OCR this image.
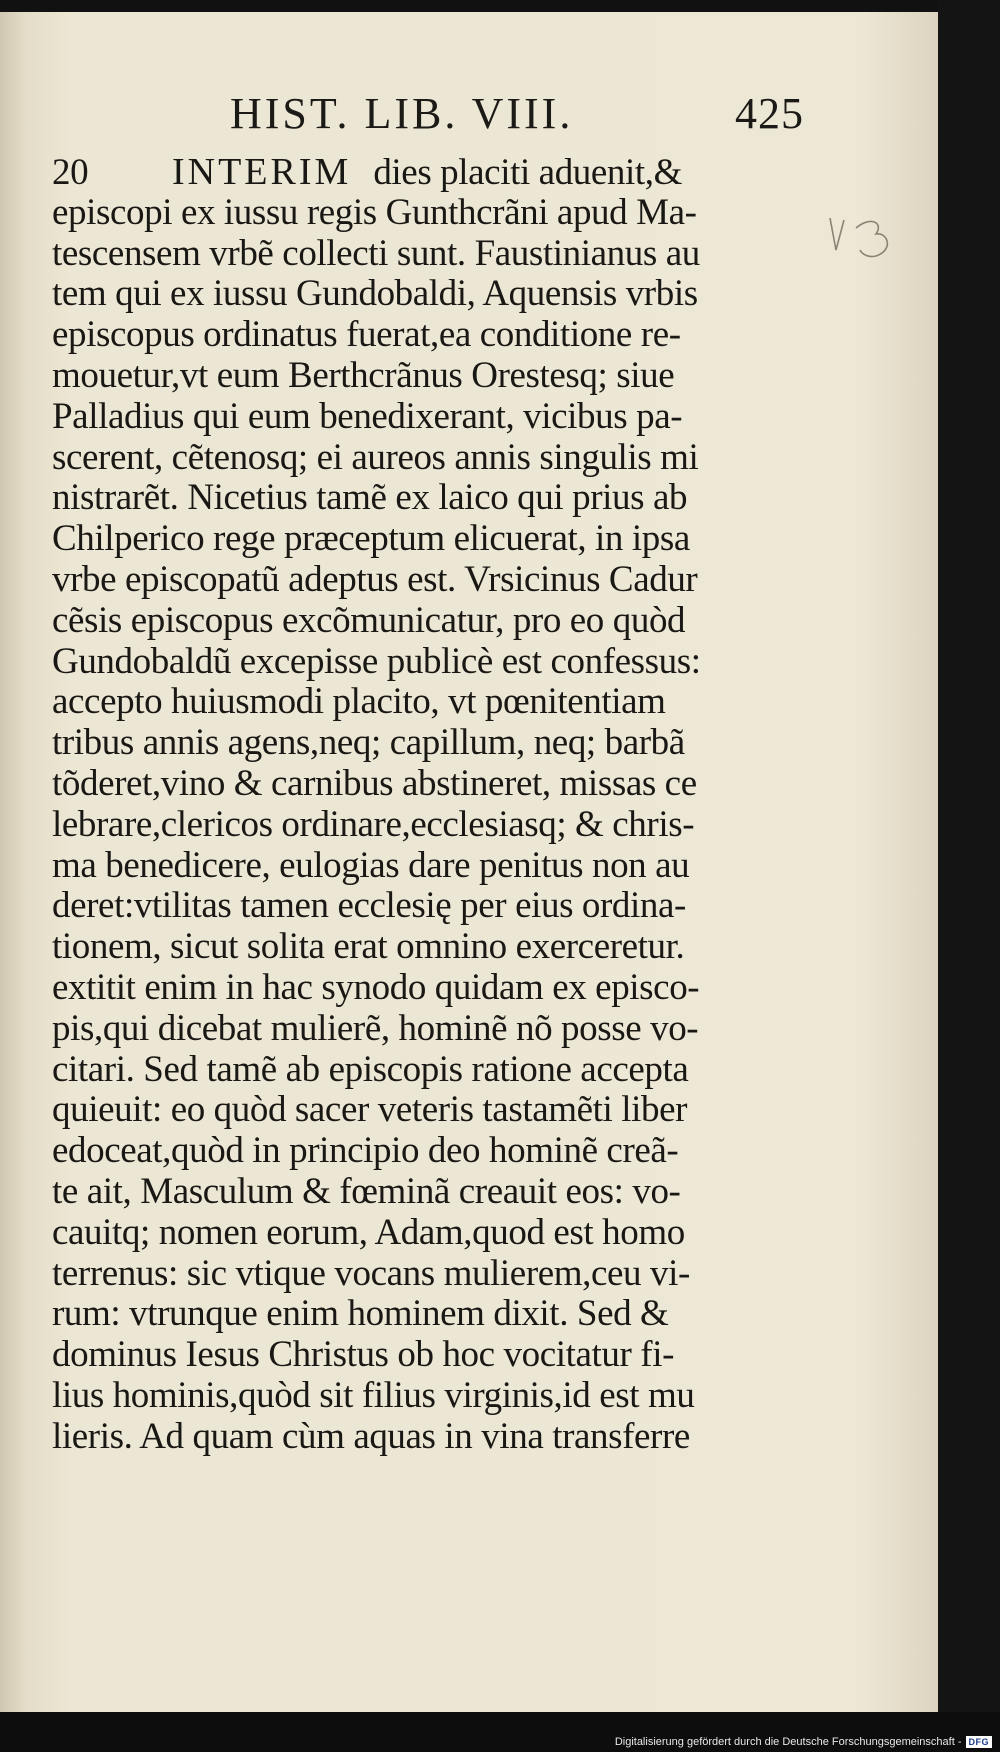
HIST. LIB. VIII.	425
20 INTERIM dies placiti aduenit,&
episcopi ex iussu regis Gunthcrãni apud Ma-
tescensem vrbẽ collecti sunt. Faustinianus au
tem qui ex iussu Gundobaldi, Aquensis vrbis
episcopus ordinatus fuerat,ea conditione re-
mouetur,vt eum Berthcrãnus Orestesq; siue
Palladius qui eum benedixerant, vicibus pa-
scerent, cẽtenosq; ei aureos annis singulis mi
nistrarẽt. Nicetius tamẽ ex laico qui prius ab
Chilperico rege præceptum elicuerat, in ipsa
vrbe episcopatũ adeptus est. Vrsicinus Cadur
cẽsis episcopus excõmunicatur, pro eo quòd
Gundobaldũ excepisse publicè est confessus:
accepto huiusmodi placito, vt pœnitentiam
tribus annis agens,neq; capillum, neq; barbã
tõderet,vino & carnibus abstineret, missas ce
lebrare,clericos ordinare,ecclesiasq; & chris-
ma benedicere, eulogias dare penitus non au
deret:vtilitas tamen ecclesię per eius ordina-
tionem, sicut solita erat omnino exerceretur.
extitit enim in hac synodo quidam ex episco-
pis,qui dicebat mulierẽ, hominẽ nõ posse vo-
citari. Sed tamẽ ab episcopis ratione accepta
quieuit: eo quòd sacer veteris tastamẽti liber
edoceat,quòd in principio deo hominẽ creã-
te ait, Masculum & fœminã creauit eos: vo-
cauitq; nomen eorum, Adam,quod est homo
terrenus: sic vtique vocans mulierem,ceu vi-
rum: vtrunque enim hominem dixit. Sed &
dominus Iesus Christus ob hoc vocitatur fi-
lius hominis,quòd sit filius virginis,id est mu
lieris. Ad quam cùm aquas in vina transferre
Digitalisierung gefördert durch die Deutsche Forschungsgemeinschaft - DFG
